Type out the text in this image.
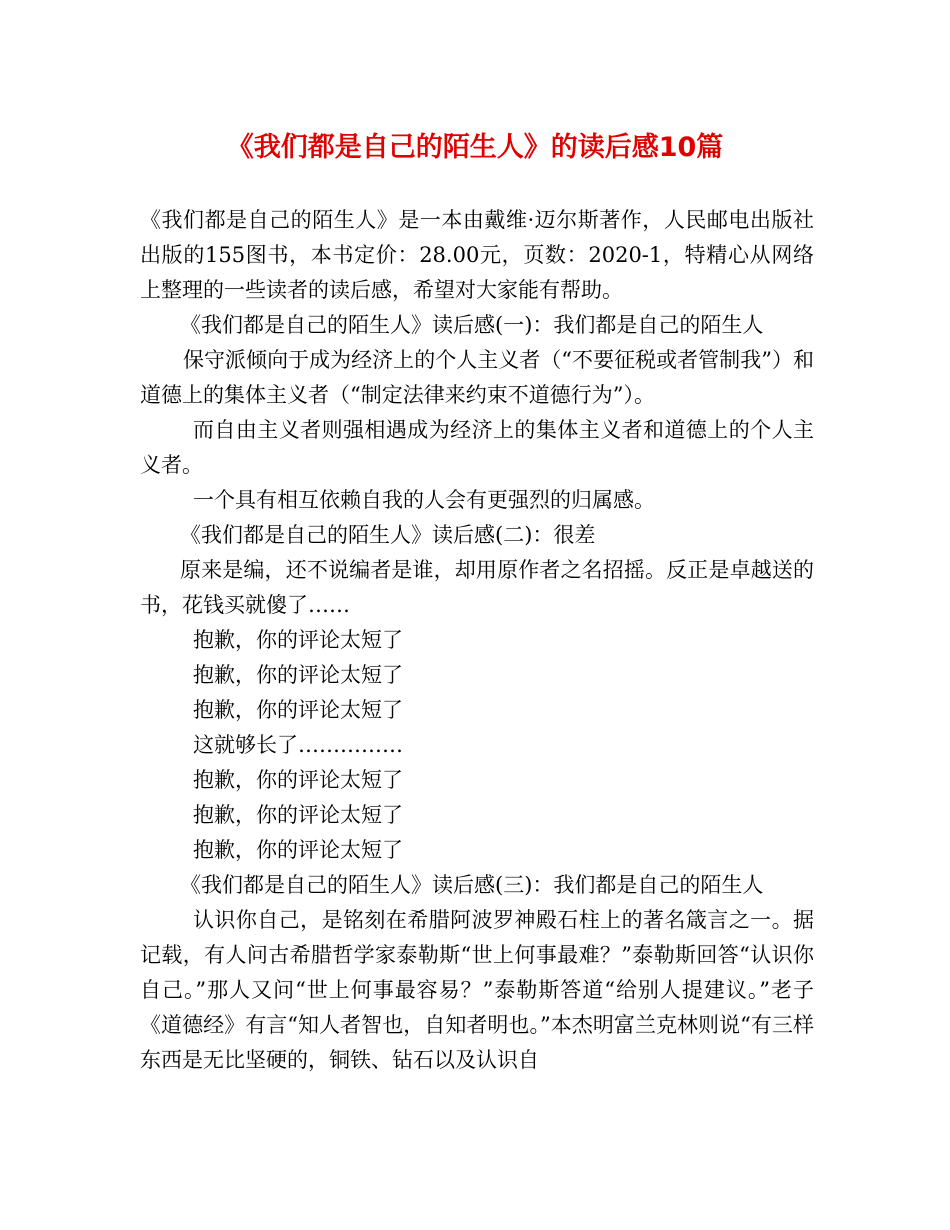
《我们都是自己的陌生人》的读后感10篇

《我们都是自己的陌生人》是一本由戴维·迈尔斯著作，人民邮电出版社出版的155图书，本书定价：28.00元，页数：2020-1，特精心从网络上整理的一些读者的读后感，希望对大家能有帮助。

《我们都是自己的陌生人》读后感(一)：我们都是自己的陌生人

保守派倾向于成为经济上的个人主义者（“不要征税或者管制我”）和道德上的集体主义者（“制定法律来约束不道德行为”）。

而自由主义者则强相遇成为经济上的集体主义者和道德上的个人主义者。

一个具有相互依赖自我的人会有更强烈的归属感。

《我们都是自己的陌生人》读后感(二)：很差

原来是编，还不说编者是谁，却用原作者之名招摇。反正是卓越送的书，花钱买就傻了……

抱歉，你的评论太短了

抱歉，你的评论太短了

抱歉，你的评论太短了

这就够长了……………

抱歉，你的评论太短了

抱歉，你的评论太短了

抱歉，你的评论太短了

《我们都是自己的陌生人》读后感(三)：我们都是自己的陌生人

认识你自己，是铭刻在希腊阿波罗神殿石柱上的著名箴言之一。据记载，有人问古希腊哲学家泰勒斯“世上何事最难？”泰勒斯回答“认识你自己。”那人又问“世上何事最容易？”泰勒斯答道“给别人提建议。”老子《道德经》有言“知人者智也，自知者明也。”本杰明富兰克林则说“有三样东西是无比坚硬的，铜铁、钻石以及认识自
